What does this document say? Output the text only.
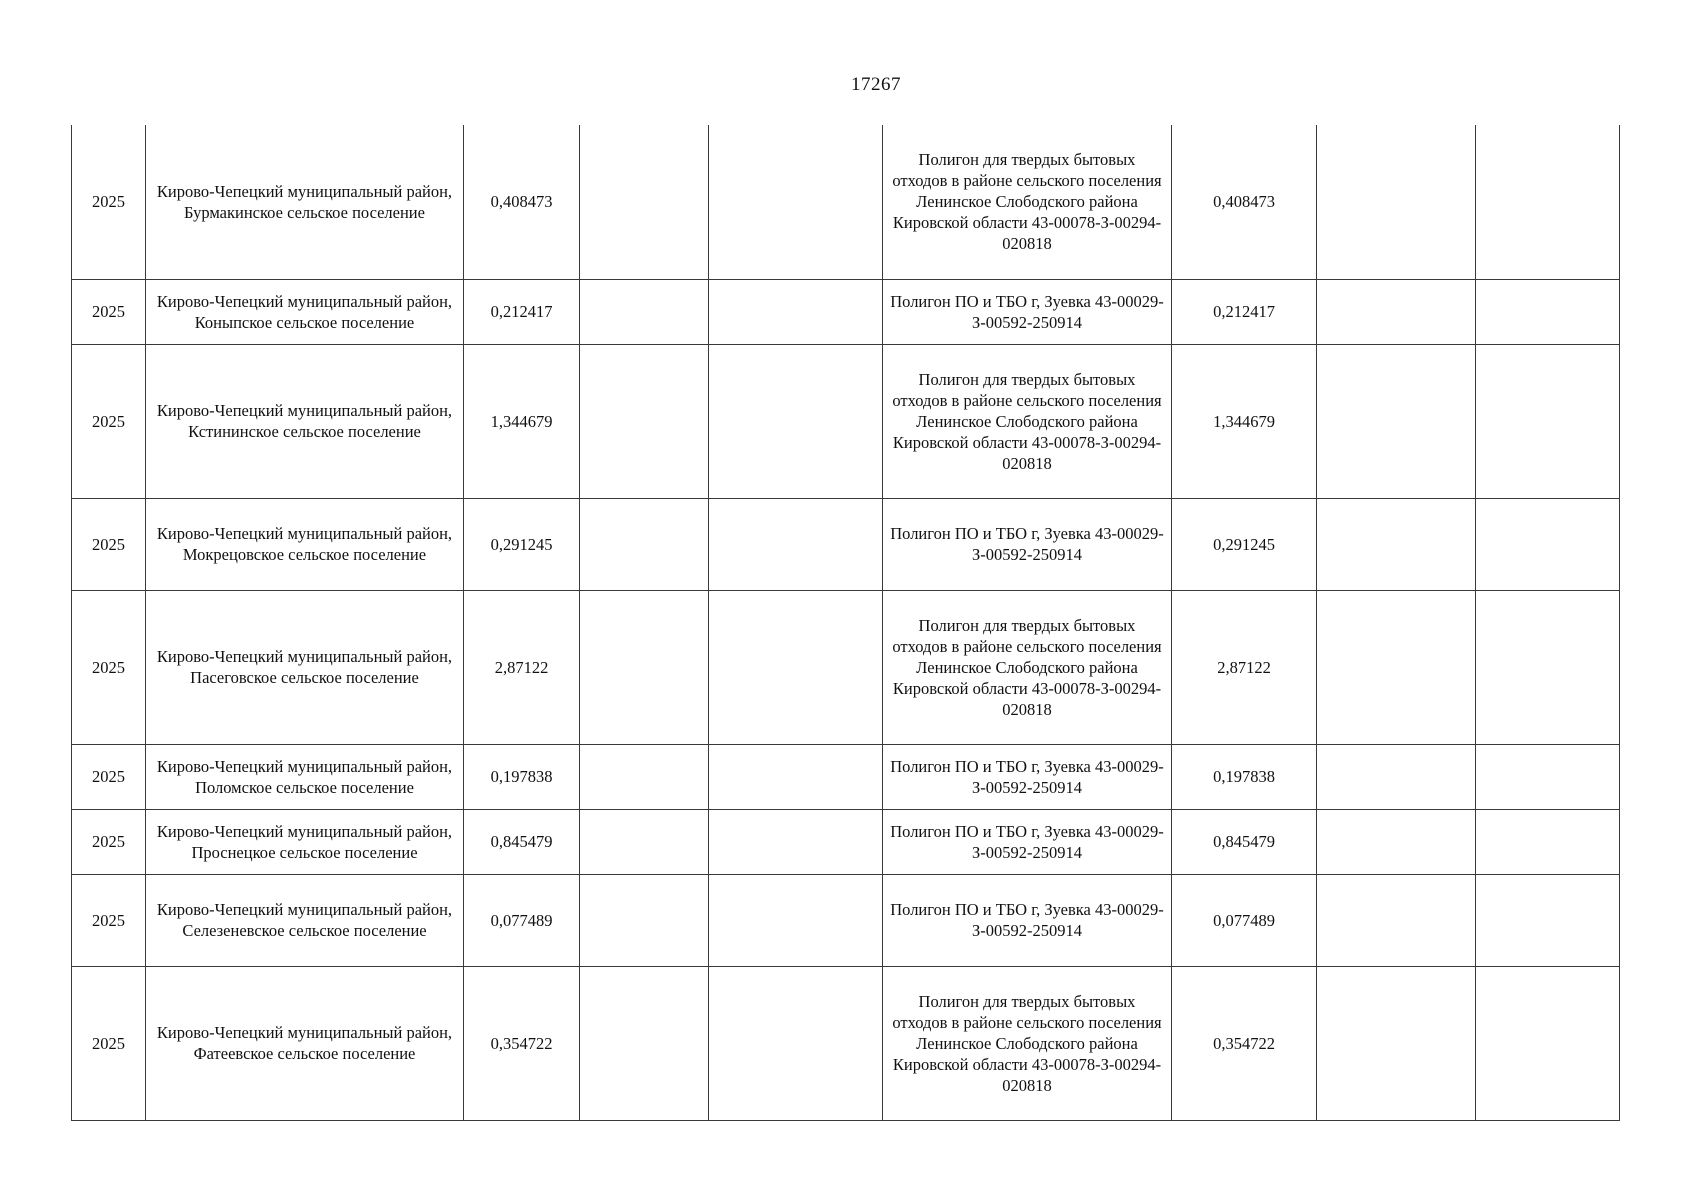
17267
2025	Кирово-Чепецкий муниципальный район, Бурмакинское сельское поселение	0,408473			Полигон для твердых бытовых отходов в районе сельского поселения Ленинское Слободского района Кировской области 43-00078-З-00294-020818	0,408473		
2025	Кирово-Чепецкий муниципальный район, Коныпское сельское поселение	0,212417			Полигон ПО и ТБО г, Зуевка 43-00029-З-00592-250914	0,212417		
2025	Кирово-Чепецкий муниципальный район, Кстининское сельское поселение	1,344679			Полигон для твердых бытовых отходов в районе сельского поселения Ленинское Слободского района Кировской области 43-00078-З-00294-020818	1,344679		
2025	Кирово-Чепецкий муниципальный район, Мокрецовское сельское поселение	0,291245			Полигон ПО и ТБО г, Зуевка 43-00029-З-00592-250914	0,291245		
2025	Кирово-Чепецкий муниципальный район, Пасеговское сельское поселение	2,87122			Полигон для твердых бытовых отходов в районе сельского поселения Ленинское Слободского района Кировской области 43-00078-З-00294-020818	2,87122		
2025	Кирово-Чепецкий муниципальный район, Поломское сельское поселение	0,197838			Полигон ПО и ТБО г, Зуевка 43-00029-З-00592-250914	0,197838		
2025	Кирово-Чепецкий муниципальный район, Проснецкое сельское поселение	0,845479			Полигон ПО и ТБО г, Зуевка 43-00029-З-00592-250914	0,845479		
2025	Кирово-Чепецкий муниципальный район, Селезеневское сельское поселение	0,077489			Полигон ПО и ТБО г, Зуевка 43-00029-З-00592-250914	0,077489		
2025	Кирово-Чепецкий муниципальный район, Фатеевское сельское поселение	0,354722			Полигон для твердых бытовых отходов в районе сельского поселения Ленинское Слободского района Кировской области 43-00078-З-00294-020818	0,354722		
